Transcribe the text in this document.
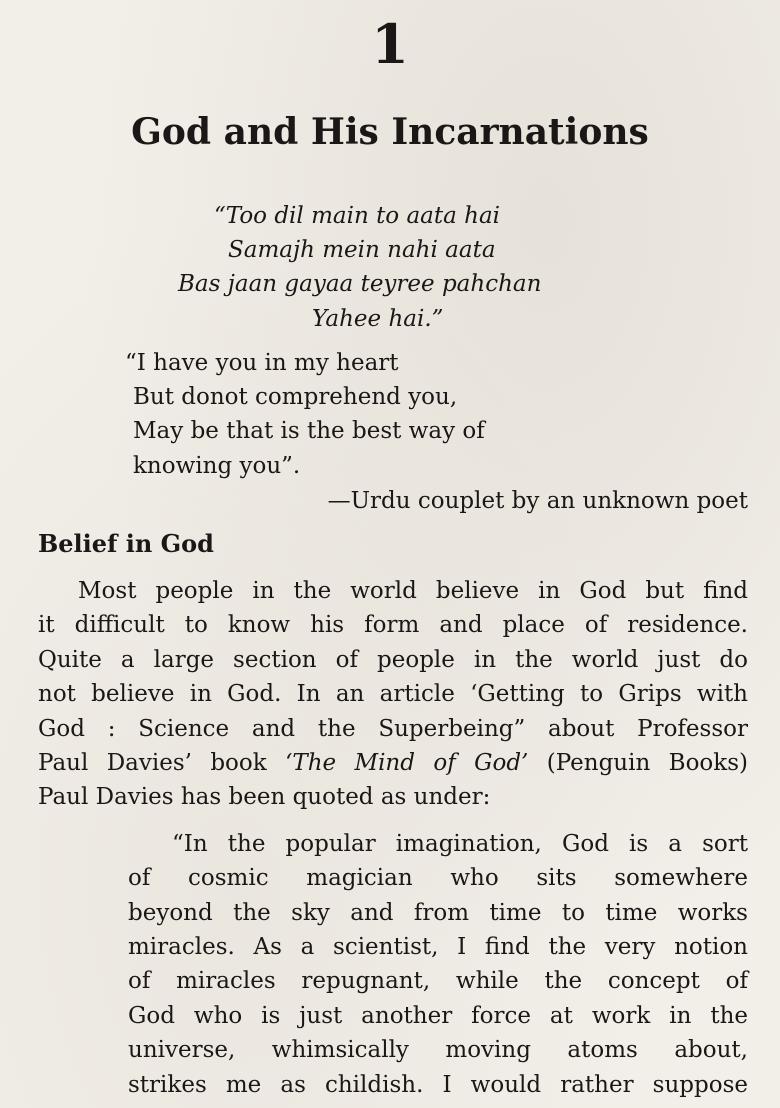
1
God and His Incarnations
“Too dil main to aata hai
Samajh mein nahi aata
Bas jaan gayaa teyree pahchan
Yahee hai.”
“I have you in my heart
But donot comprehend you,
May be that is the best way of
knowing you”.
—Urdu couplet by an unknown poet
Belief in God
Most people in the world believe in God but find
it difficult to know his form and place of residence.
Quite a large section of people in the world just do
not believe in God. In an article ‘Getting to Grips with
God : Science and the Superbeing” about Professor
Paul Davies’ book ‘The Mind of God’ (Penguin Books)
Paul Davies has been quoted as under:
“In the popular imagination, God is a sort
of cosmic magician who sits somewhere
beyond the sky and from time to time works
miracles. As a scientist, I find the very notion
of miracles repugnant, while the concept of
God who is just another force at work in the
universe, whimsically moving atoms about,
strikes me as childish. I would rather suppose
